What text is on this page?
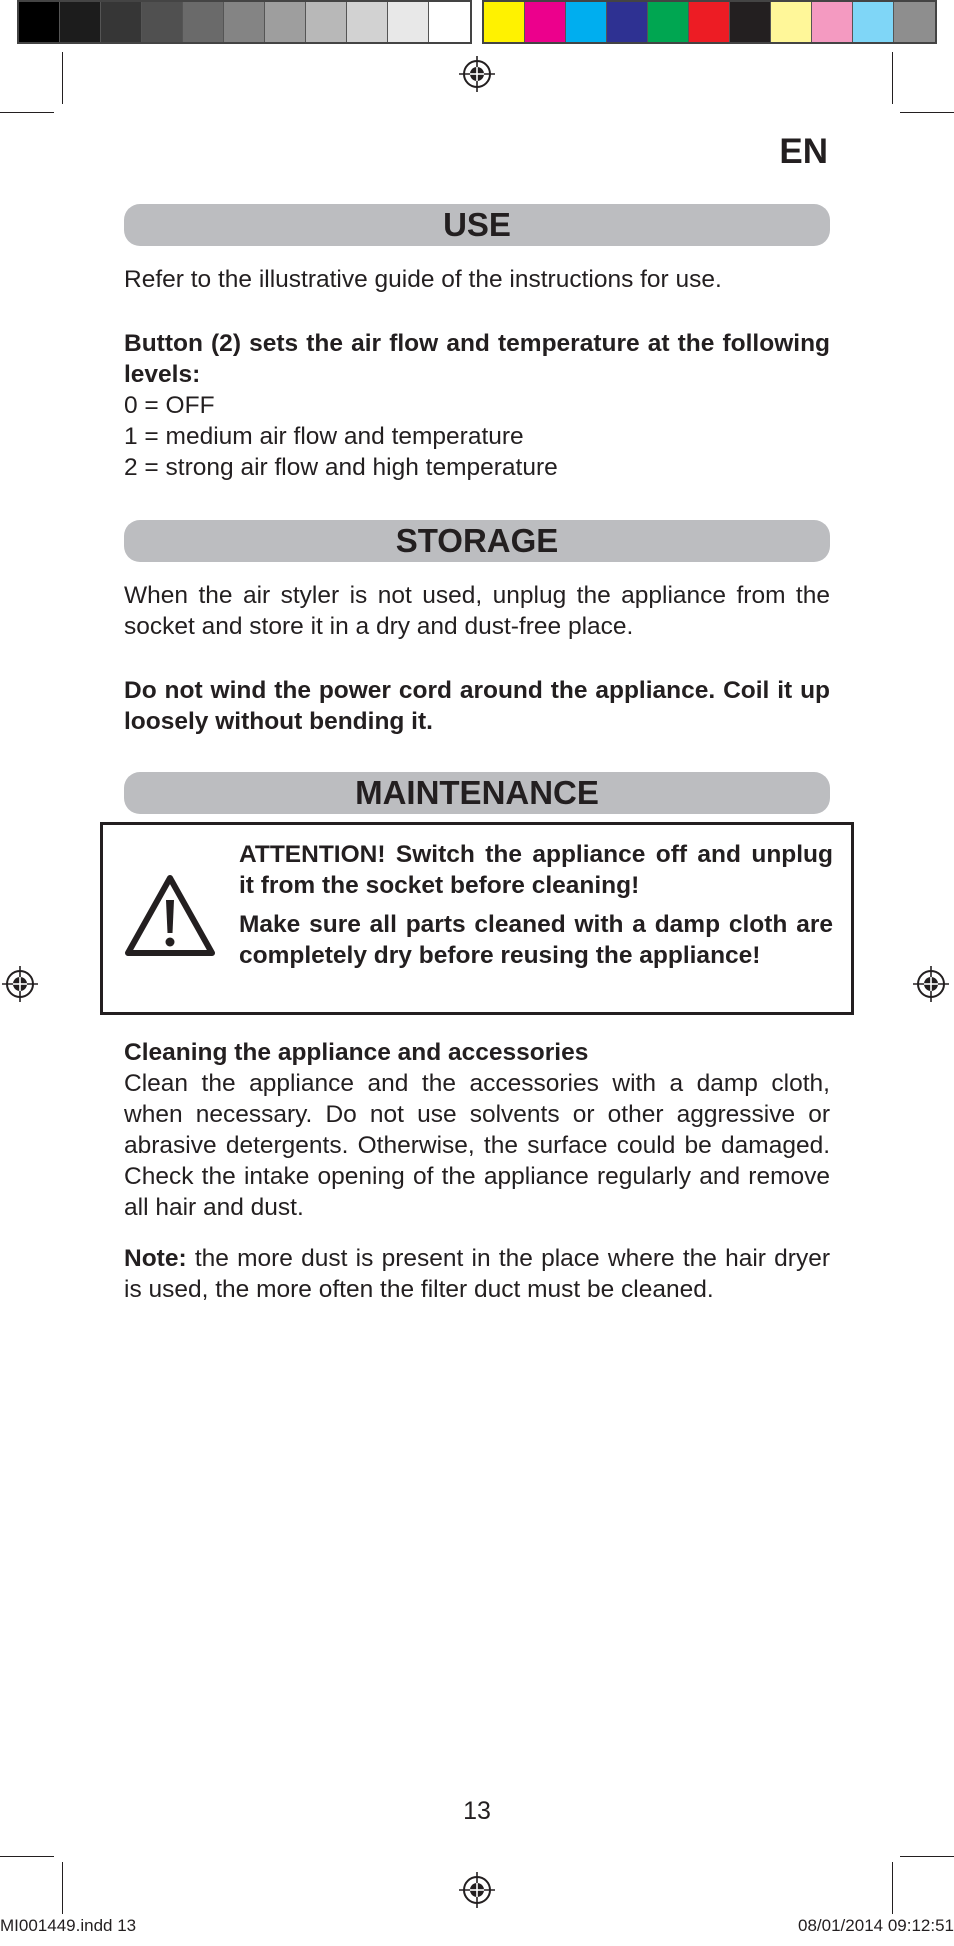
EN
USE

Refer to the illustrative guide of the instructions for use.

Button (2) sets the air flow and temperature at the following levels:

0 = OFF

1 = medium air flow and temperature

2 = strong air flow and high temperature

STORAGE

When the air styler is not used, unplug the appliance from the socket and store it in a dry and dust-free place.

Do not wind the power cord around the appliance. Coil it up loosely without bending it.

MAINTENANCE

ATTENTION! Switch the appliance off and unplug it from the socket before cleaning!

Make sure all parts cleaned with a damp cloth are completely dry before reusing the appliance!

Cleaning the appliance and accessories

Clean the appliance and the accessories with a damp cloth, when necessary. Do not use solvents or other aggressive or abrasive detergents. Otherwise, the surface could be damaged. Check the intake opening of the appliance regularly and remove all hair and dust.

Note: the more dust is present in the place where the hair dryer is used, the more often the filter duct must be cleaned.

13
MI001449.indd 13	08/01/2014 09:12:51
